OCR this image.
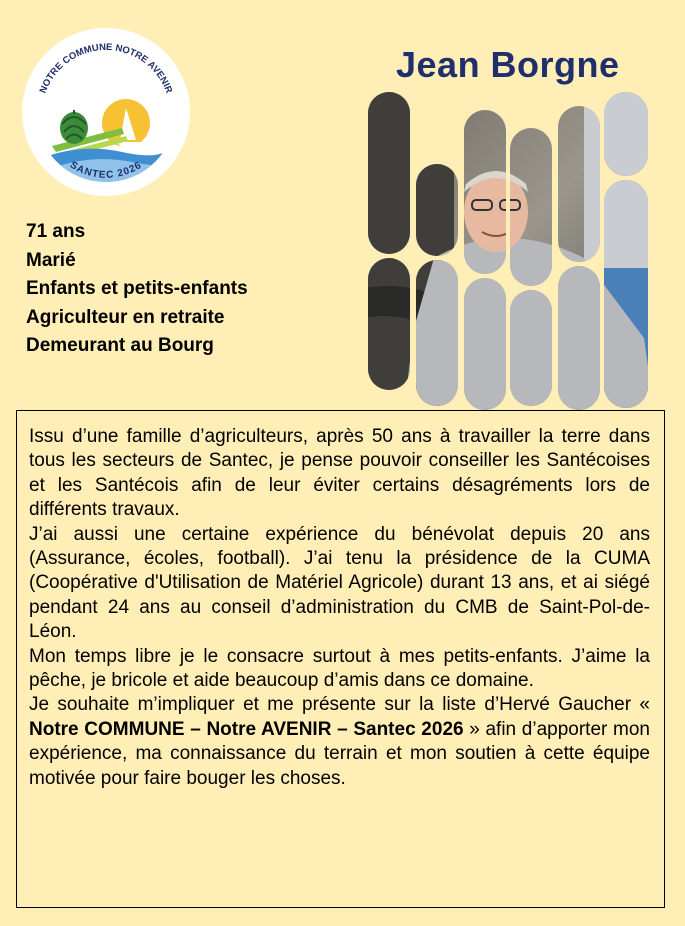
NOTRE COMMUNE NOTRE AVENIR
SANTEC 2026
Jean Borgne
71 ans
Marié
Enfants et petits-enfants
Agriculteur en retraite
Demeurant au Bourg

Issu d’une famille d’agriculteurs, après 50 ans à travailler la terre dans tous les secteurs de Santec, je pense pouvoir conseiller les Santécoises et les Santécois afin de leur éviter certains désagréments lors de différents travaux.

J’ai aussi une certaine expérience du bénévolat depuis 20 ans (Assurance, écoles, football). J’ai tenu la présidence de la CUMA (Coopérative d'Utilisation de Matériel Agricole) durant 13 ans, et ai siégé pendant 24 ans au conseil d’administration du CMB de Saint-Pol-de-Léon.

Mon temps libre je le consacre surtout à mes petits-enfants. J’aime la pêche, je bricole et aide beaucoup d’amis dans ce domaine.

Je souhaite m’impliquer et me présente sur la liste d’Hervé Gaucher « Notre COMMUNE – Notre AVENIR – Santec 2026 » afin d’apporter mon expérience, ma connaissance du terrain et mon soutien à cette équipe motivée pour faire bouger les choses.
